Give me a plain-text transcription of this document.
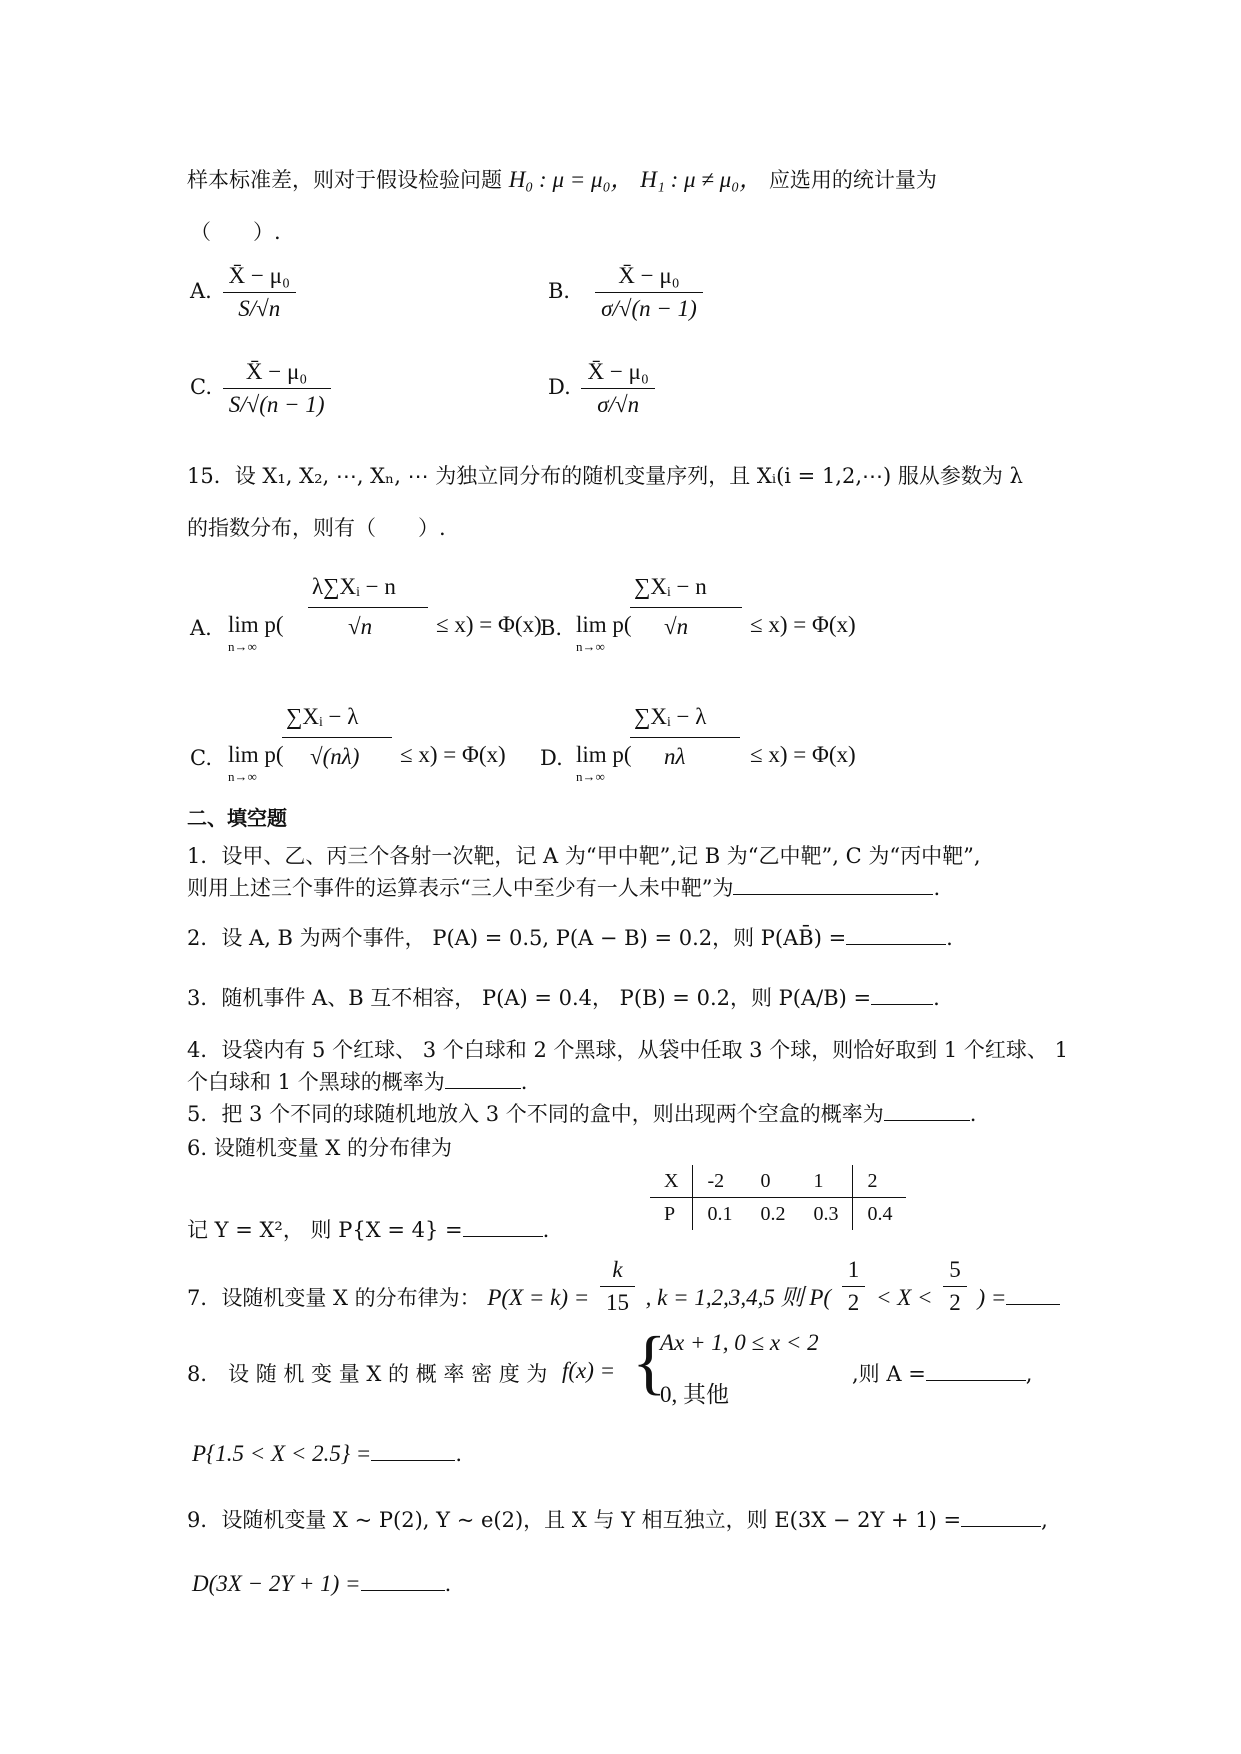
样本标准差，则对于假设检验问题 H₀ : μ = μ₀， H₁ : μ ≠ μ₀， 应选用的统计量为
（　　）.
A. $\frac{\text{X̄ − μ₀}}{S/√n}$	B． $\frac{\text{X̄ − μ₀}}{\sigma/√(n - 1)}$
C. $\frac{\text{X̄ − μ₀}}{S/√(n - 1)}$	D. $\frac{\text{X̄ − μ₀}}{\sigma/√n}$
15．设 X₁, X₂, ⋯, Xₙ, ⋯ 为独立同分布的随机变量序列，且 Xᵢ(i = 1,2,⋯) 服从参数为 λ
的指数分布，则有（　　）.
A. lim p(
n→∞
λ∑Xᵢ − n
√n	≤ x) = Φ(x)
B. lim p(
n→∞
∑Xᵢ − n
√n	≤ x) = Φ(x)
C. lim p(
n→∞
∑Xᵢ − λ
√(nλ) ≤ x) = Φ(x) D. lim p(
n→∞
∑Xᵢ − λ
nλ	≤ x) = Φ(x)
二、填空题
1．设甲、乙、丙三个各射一次靶，记 A 为“甲中靶”,记 B 为“乙中靶”, C 为“丙中靶”,
则用上述三个事件的运算表示“三人中至少有一人未中靶”为	.
2．设 A, B 为两个事件， P(A) = 0.5, P(A − B) = 0.2，则 P(AB̄) =	.
3．随机事件 A、B 互不相容， P(A) = 0.4， P(B) = 0.2，则 P(A/B) =	.
4．设袋内有 5 个红球、 3 个白球和 2 个黑球，从袋中任取 3 个球，则恰好取到 1 个红球、 1
个白球和 1 个黑球的概率为	.
5．把 3 个不同的球随机地放入 3 个不同的盒中，则出现两个空盒的概率为	.
6. 设随机变量 X 的分布律为
X	-2	0	1	2
P	0.1	0.2	0.3	0.4
记 Y = X²， 则 P{X = 4} =	.
7．设随机变量 X 的分布律为： $P(X = k) = \frac{k}{15}$ , k = 1,2,3,4,5 则 $P( \frac{1}{2} < X < \frac{5}{2}$ ) =
8． 设 随 机 变 量 X 的 概 率 密 度 为 f(x) = {
Ax + 1, 0 ≤ x < 2
0, 其他
,则 A =	,
P{1.5 < X < 2.5} =	.
9．设随机变量 X ~ P(2), Y ~ e(2)，且 X 与 Y 相互独立，则 E(3X − 2Y + 1) =	,
D(3X − 2Y + 1) =	.
